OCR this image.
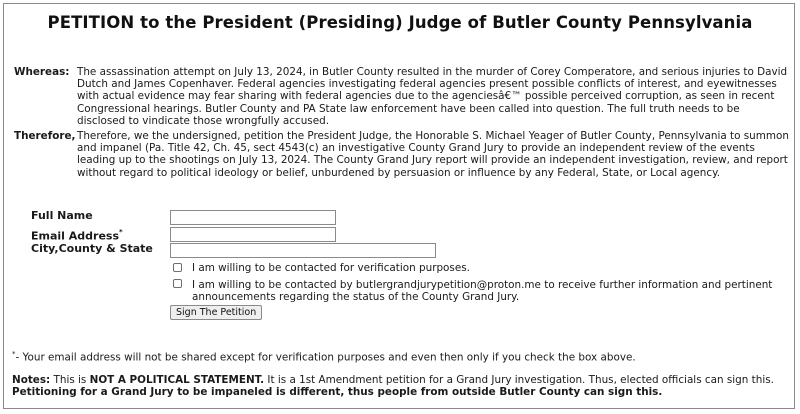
PETITION to the President (Presiding) Judge of Butler County Pennsylvania
Whereas: The assassination attempt on July 13, 2024, in Butler County resulted in the murder of Corey Comperatore, and serious injuries to David Dutch and James Copenhaver. Federal agencies investigating federal agencies present possible conflicts of interest, and eyewitnesses with actual evidence may fear sharing with federal agencies due to the agenciesâ€™ possible perceived corruption, as seen in recent Congressional hearings. Butler County and PA State law enforcement have been called into question. The full truth needs to be disclosed to vindicate those wrongfully accused.
Therefore, Therefore, we the undersigned, petition the President Judge, the Honorable S. Michael Yeager of Butler County, Pennsylvania to summon and impanel (Pa. Title 42, Ch. 45, sect 4543(c) an investigative County Grand Jury to provide an independent review of the events leading up to the shootings on July 13, 2024. The County Grand Jury report will provide an independent investigation, review, and report without regard to political ideology or belief, unburdened by persuasion or influence by any Federal, State, or Local agency.
Full Name
Email Address*
City,County & State
I am willing to be contacted for verification purposes.
I am willing to be contacted by butlergrandjurypetition@proton.me to receive further information and pertinent announcements regarding the status of the County Grand Jury.
Sign The Petition
*- Your email address will not be shared except for verification purposes and even then only if you check the box above.
Notes: This is NOT A POLITICAL STATEMENT. It is a 1st Amendment petition for a Grand Jury investigation. Thus, elected officials can sign this. Petitioning for a Grand Jury to be impaneled is different, thus people from outside Butler County can sign this.
